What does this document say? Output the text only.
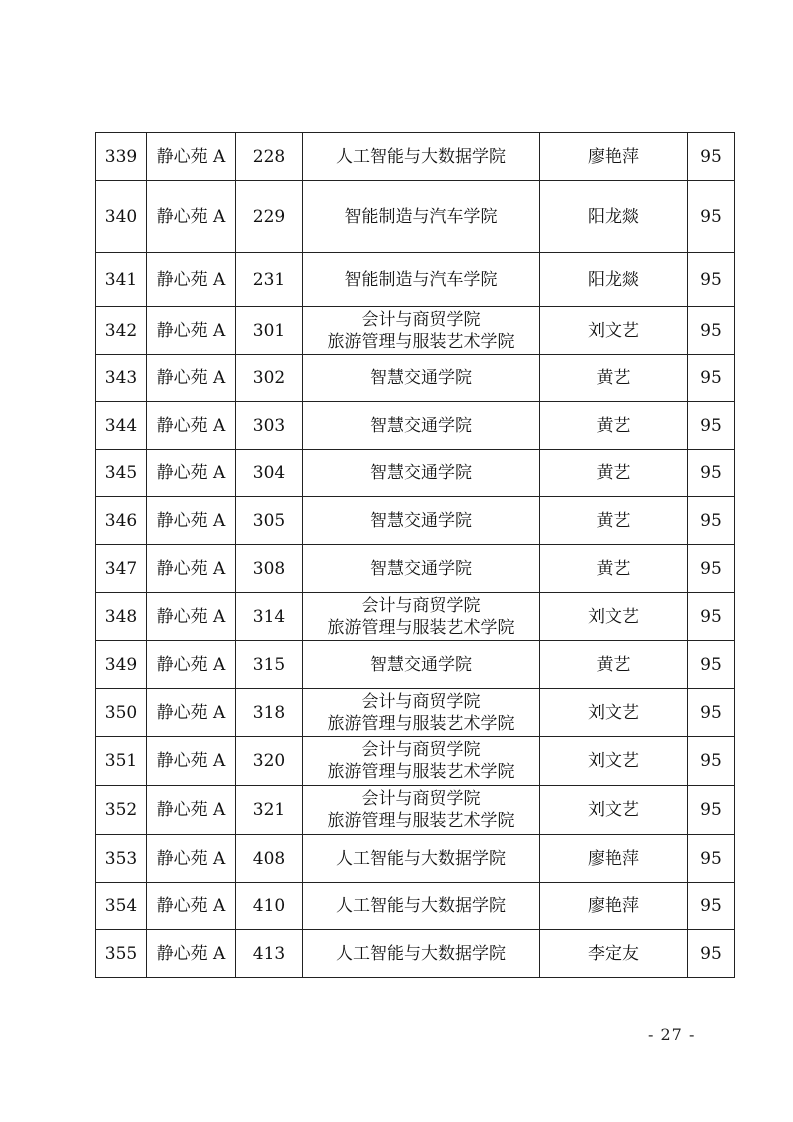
339	静心苑 A	228	人工智能与大数据学院	廖艳萍	95
340	静心苑 A	229	智能制造与汽车学院	阳龙燚	95
341	静心苑 A	231	智能制造与汽车学院	阳龙燚	95
342	静心苑 A	301	会计与商贸学院
旅游管理与服装艺术学院	刘文艺	95
343	静心苑 A	302	智慧交通学院	黄艺	95
344	静心苑 A	303	智慧交通学院	黄艺	95
345	静心苑 A	304	智慧交通学院	黄艺	95
346	静心苑 A	305	智慧交通学院	黄艺	95
347	静心苑 A	308	智慧交通学院	黄艺	95
348	静心苑 A	314	会计与商贸学院
旅游管理与服装艺术学院	刘文艺	95
349	静心苑 A	315	智慧交通学院	黄艺	95
350	静心苑 A	318	会计与商贸学院
旅游管理与服装艺术学院	刘文艺	95
351	静心苑 A	320	会计与商贸学院
旅游管理与服装艺术学院	刘文艺	95
352	静心苑 A	321	会计与商贸学院
旅游管理与服装艺术学院	刘文艺	95
353	静心苑 A	408	人工智能与大数据学院	廖艳萍	95
354	静心苑 A	410	人工智能与大数据学院	廖艳萍	95
355	静心苑 A	413	人工智能与大数据学院	李定友	95
- 27 -
